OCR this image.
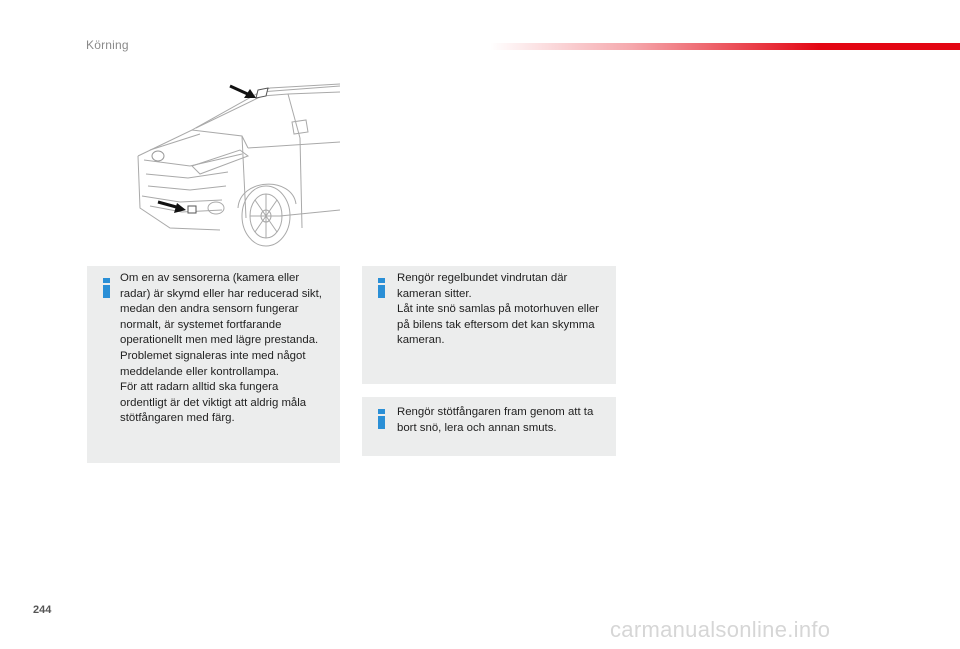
Körning

Om en av sensorerna (kamera eller
radar) är skymd eller har reducerad sikt,
medan den andra sensorn fungerar
normalt, är systemet fortfarande
operationellt men med lägre prestanda.
Problemet signaleras inte med något
meddelande eller kontrollampa.
För att radarn alltid ska fungera
ordentligt är det viktigt att aldrig måla
stötfångaren med färg.

Rengör regelbundet vindrutan där
kameran sitter.
Låt inte snö samlas på motorhuven eller
på bilens tak eftersom det kan skymma
kameran.

Rengör stötfångaren fram genom att ta
bort snö, lera och annan smuts.

244
carmanualsonline.info
